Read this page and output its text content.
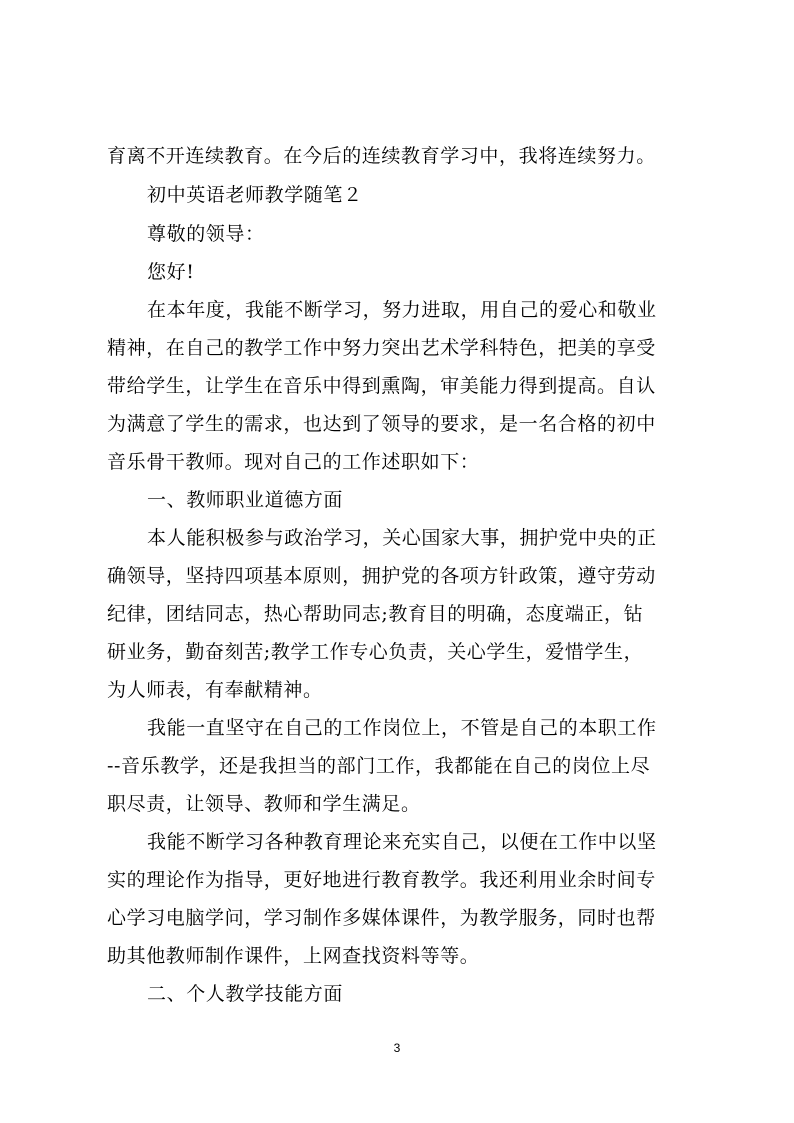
育离不开连续教育。在今后的连续教育学习中，我将连续努力。
初中英语老师教学随笔２
尊敬的领导：
您好!
在本年度，我能不断学习，努力进取，用自己的爱心和敬业
精神，在自己的教学工作中努力突出艺术学科特色，把美的享受
带给学生，让学生在音乐中得到熏陶，审美能力得到提高。自认
为满意了学生的需求，也达到了领导的要求，是一名合格的初中
音乐骨干教师。现对自己的工作述职如下：
一、教师职业道德方面
本人能积极参与政治学习，关心国家大事，拥护党中央的正
确领导，坚持四项基本原则，拥护党的各项方针政策，遵守劳动
纪律，团结同志，热心帮助同志;教育目的明确，态度端正，钻
研业务，勤奋刻苦;教学工作专心负责，关心学生，爱惜学生，
为人师表，有奉献精神。
我能一直坚守在自己的工作岗位上，不管是自己的本职工作
--音乐教学，还是我担当的部门工作，我都能在自己的岗位上尽
职尽责，让领导、教师和学生满足。
我能不断学习各种教育理论来充实自己，以便在工作中以坚
实的理论作为指导，更好地进行教育教学。我还利用业余时间专
心学习电脑学问，学习制作多媒体课件，为教学服务，同时也帮
助其他教师制作课件，上网查找资料等等。
二、个人教学技能方面
3
